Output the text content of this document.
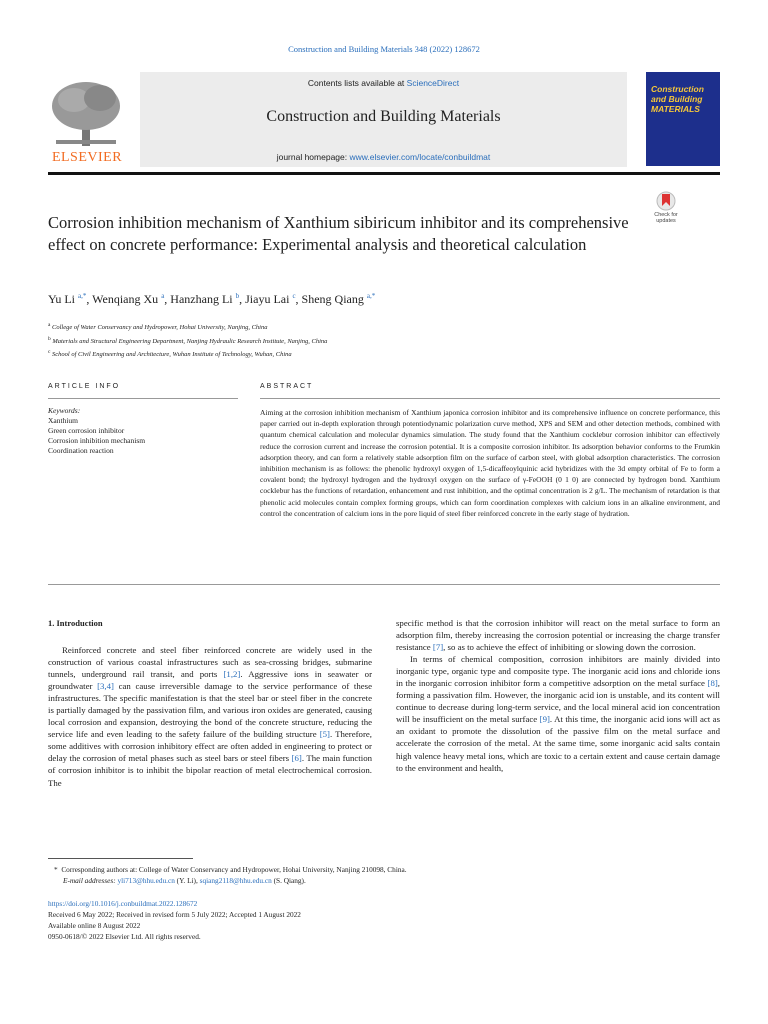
Construction and Building Materials 348 (2022) 128672
Contents lists available at ScienceDirect
Construction and Building Materials
journal homepage: www.elsevier.com/locate/conbuildmat
ELSEVIER
Construction and Building MATERIALS
Corrosion inhibition mechanism of Xanthium sibiricum inhibitor and its comprehensive effect on concrete performance: Experimental analysis and theoretical calculation
Check for
updates
Yu Li $^{a,*}$, Wenqiang Xu $^a$, Hanzhang Li $^b$, Jiayu Lai $^c$, Sheng Qiang $^{a,*}$
$^a$ College of Water Conservancy and Hydropower, Hohai University, Nanjing, China
$^b$ Materials and Structural Engineering Department, Nanjing Hydraulic Research Institute, Nanjing, China
$^c$ School of Civil Engineering and Architecture, Wuhan Institute of Technology, Wuhan, China
ARTICLE INFO	ABSTRACT
Keywords:
Xanthium
Green corrosion inhibitor
Corrosion inhibition mechanism
Coordination reaction
Aiming at the corrosion inhibition mechanism of Xanthium japonica corrosion inhibitor and its comprehensive influence on concrete performance, this paper carried out in-depth exploration through potentiodynamic polarization curve method, XPS and SEM and other detection methods, combined with quantum chemical calculation and molecular dynamics simulation. The study found that the Xanthium cocklebur corrosion inhibitor can effectively reduce the corrosion current and increase the corrosion potential. It is a composite corrosion inhibitor. Its adsorption behavior conforms to the Frumkin adsorption theory, and can form a relatively stable adsorption film on the surface of carbon steel, with global adsorption characteristics. The corrosion inhibition mechanism is as follows: the phenolic hydroxyl oxygen of 1,5-dicaffeoylquinic acid hybridizes with the 3d empty orbital of Fe to form a covalent bond; the hydroxyl hydrogen and the hydroxyl oxygen on the surface of γ-FeOOH (0 1 0) are connected by hydrogen bond. Xanthium cocklebur has the functions of retardation, enhancement and rust inhibition, and the optimal concentration is 2 g/L. The mechanism of retardation is that phenolic acid molecules contain complex forming groups, which can form coordination complexes with calcium ions in an alkaline environment, and control the concentration of calcium ions in the pore liquid of steel fiber reinforced concrete in the early stage of hydration.
1. Introduction

Reinforced concrete and steel fiber reinforced concrete are widely used in the construction of various coastal infrastructures such as sea-crossing bridges, submarine tunnels, underground rail transit, and ports [1,2]. Aggressive ions in seawater or groundwater [3,4] can cause irreversible damage to the service performance of these infrastructures. The specific manifestation is that the steel bar or steel fiber in the concrete is partially damaged by the passivation film, and various iron oxides are generated, causing local corrosion and expansion, destroying the bond of the concrete structure, reducing the service life and even leading to the safety failure of the building structure [5]. Therefore, some additives with corrosion inhibitory effect are often added in engineering to protect or delay the corrosion of metal phases such as steel bars or steel fibers [6]. The main function of corrosion inhibitor is to inhibit the bipolar reaction of metal electrochemical corrosion. The

specific method is that the corrosion inhibitor will react on the metal surface to form an adsorption film, thereby increasing the corrosion potential or increasing the charge transfer resistance [7], so as to achieve the effect of inhibiting or slowing down the corrosion.

In terms of chemical composition, corrosion inhibitors are mainly divided into inorganic type, organic type and composite type. The inorganic acid ions and chloride ions in the inorganic corrosion inhibitor form a competitive adsorption on the metal surface [8], forming a passivation film. However, the inorganic acid ion is unstable, and its content will continue to decrease during long-term service, and the local mineral acid ion concentration will be insufficient on the metal surface [9]. At this time, the inorganic acid ions will act as an oxidant to promote the dissolution of the passive film on the metal surface and accelerate the corrosion of the metal. At the same time, some inorganic acid salts contain high valence heavy metal ions, which are toxic to a certain extent and cause certain damage to the environment and health,

* Corresponding authors at: College of Water Conservancy and Hydropower, Hohai University, Nanjing 210098, China.
E-mail addresses: yli713@hhu.edu.cn (Y. Li), sqiang2118@hhu.edu.cn (S. Qiang).
https://doi.org/10.1016/j.conbuildmat.2022.128672
Received 6 May 2022; Received in revised form 5 July 2022; Accepted 1 August 2022
Available online 8 August 2022
0950-0618/© 2022 Elsevier Ltd. All rights reserved.
